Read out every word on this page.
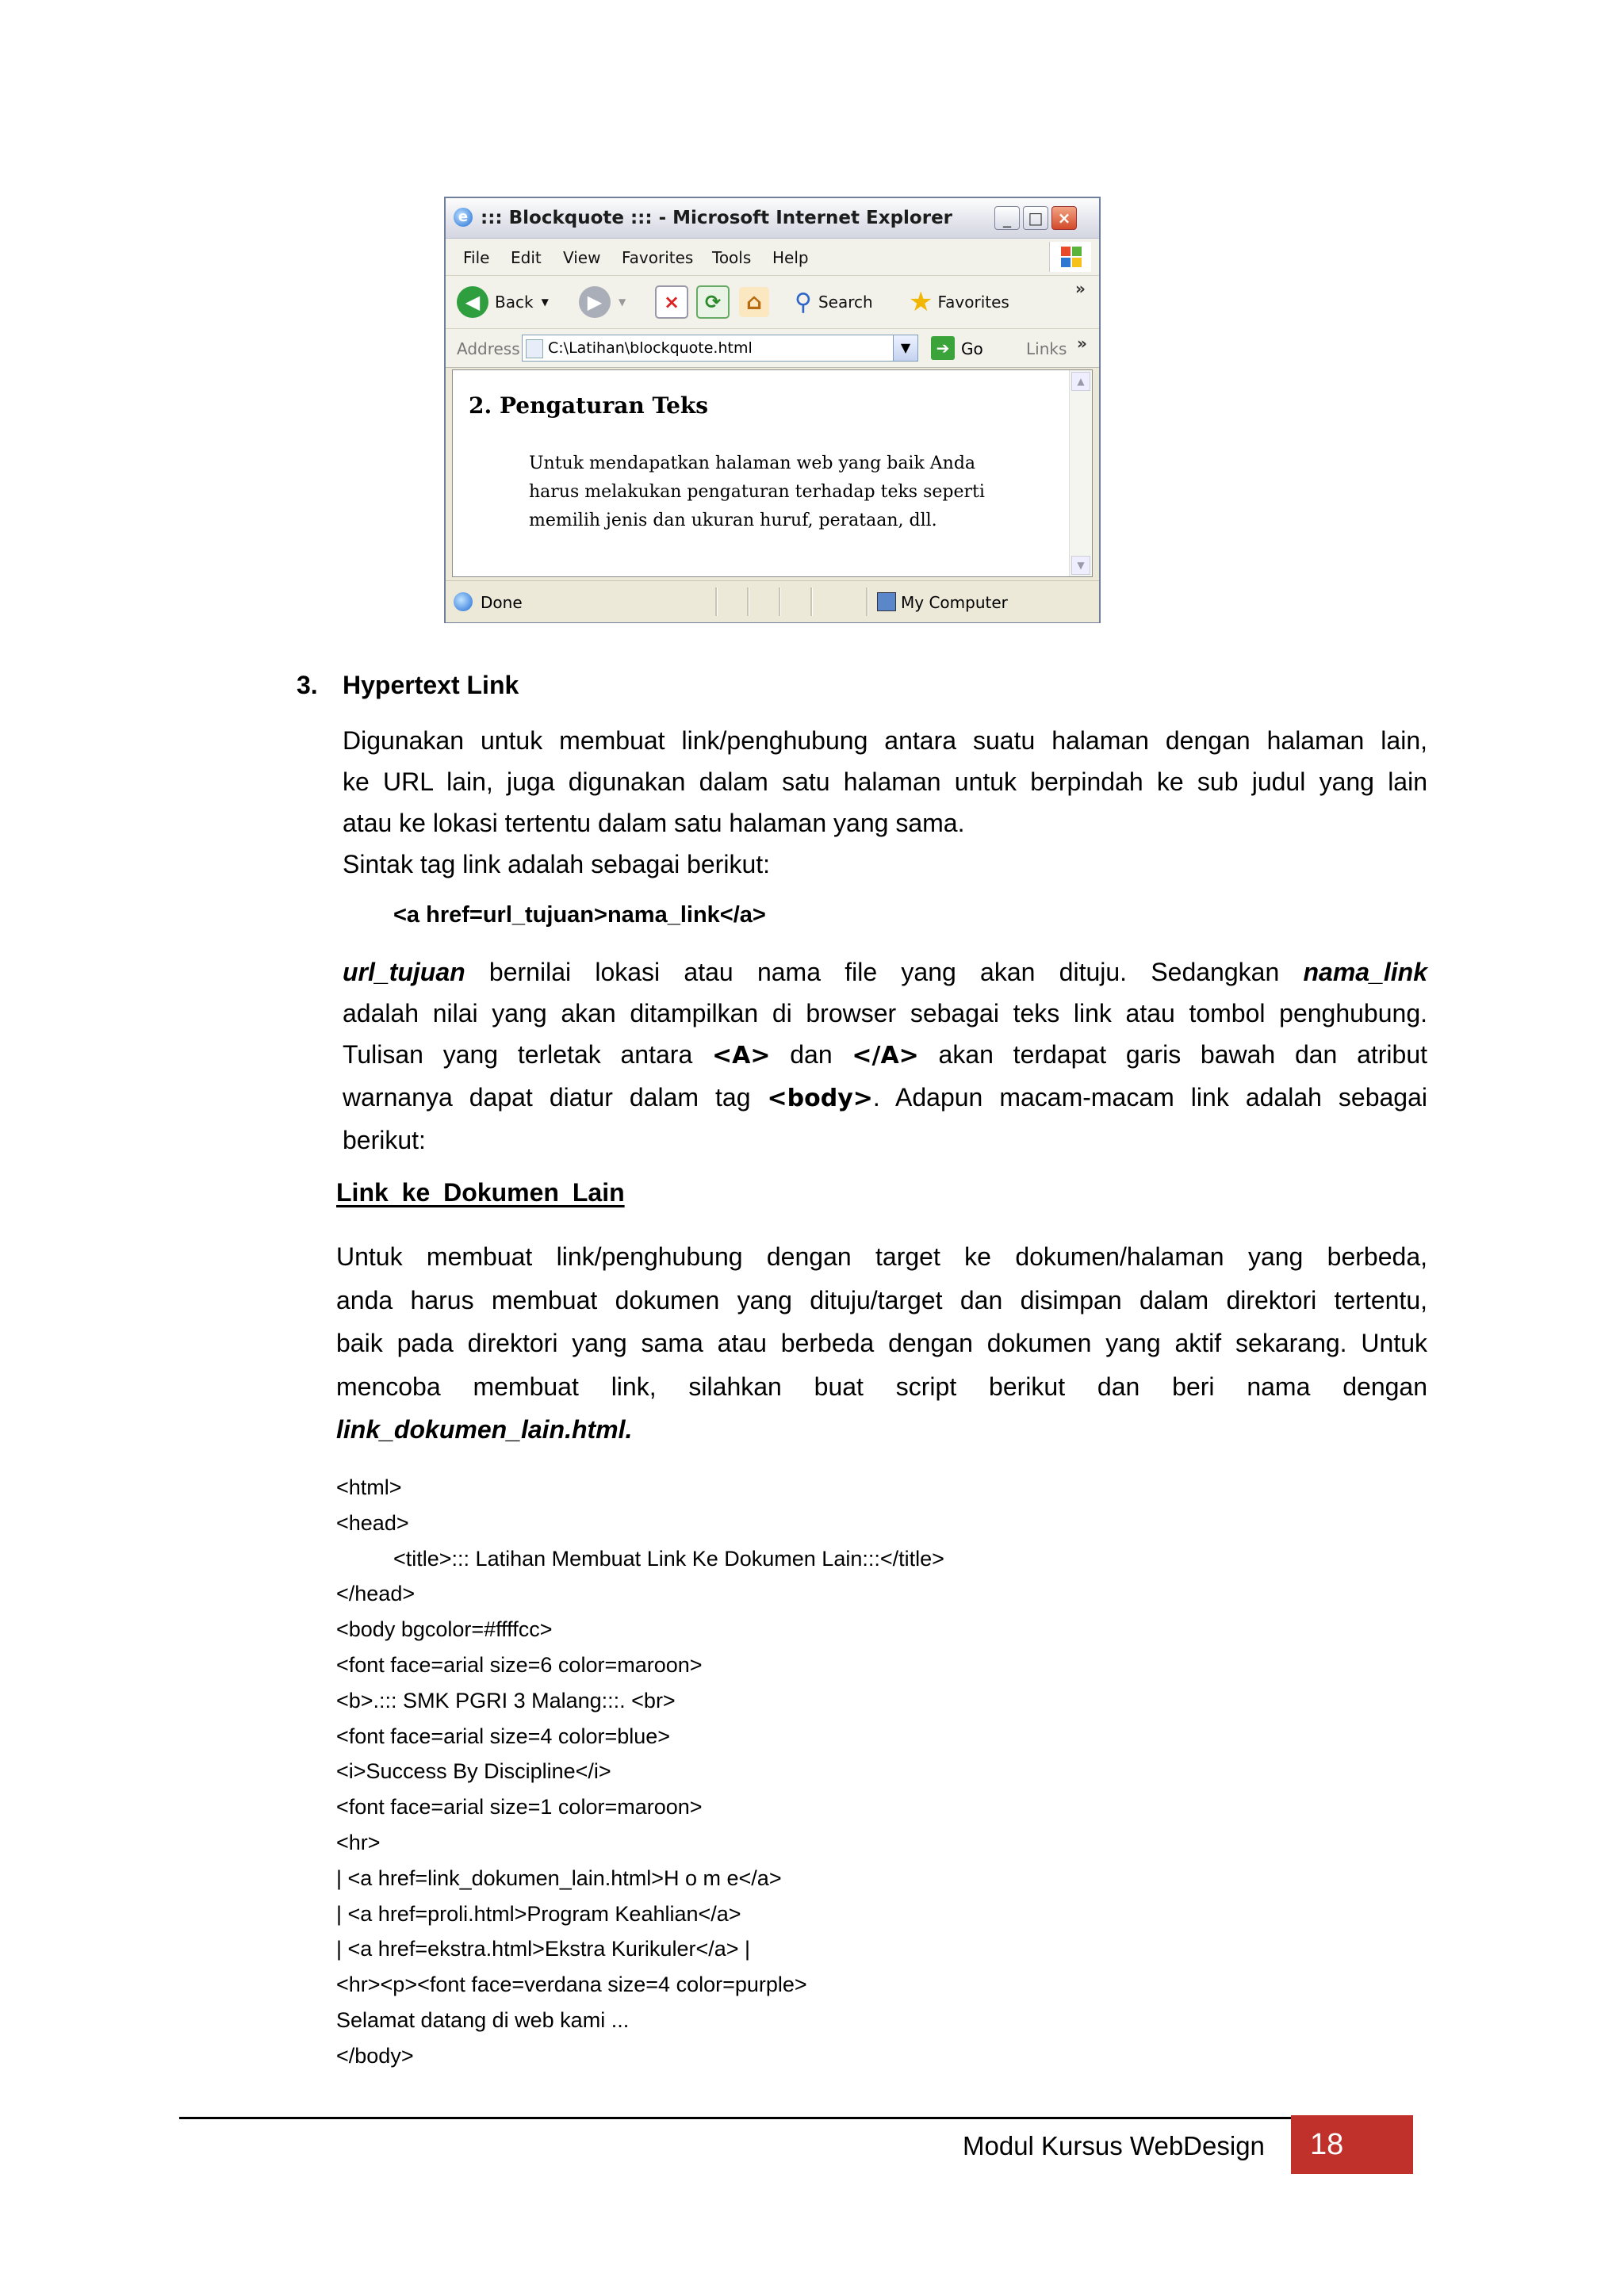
e ::: Blockquote ::: - Microsoft Internet Explorer	_	□ ×
File Edit View Favorites Tools Help
◀ Back ▼	▶	▼	×	⟳	⌂ ⚲ Search ★ Favorites
»
Address C:\Latihan\blockquote.html	▼	➔ Go	Links »
2. Pengaturan Teks
Untuk mendapatkan halaman web yang baik Anda harus melakukan pengaturan terhadap teks seperti memilih jenis dan ukuran huruf, perataan, dll.
▲
▼
Done	My Computer
3. Hypertext Link
Digunakan untuk membuat link/penghubung antara suatu halaman dengan halaman lain,
ke URL lain, juga digunakan dalam satu halaman untuk berpindah ke sub judul yang lain
atau ke lokasi tertentu dalam satu halaman yang sama.
Sintak tag link adalah sebagai berikut:
<a href=url_tujuan>nama_link</a>
url_tujuan bernilai lokasi atau nama file yang akan dituju. Sedangkan nama_link
adalah nilai yang akan ditampilkan di browser sebagai teks link atau tombol penghubung.
Tulisan yang terletak antara <A> dan </A> akan terdapat garis bawah dan atribut
warnanya dapat diatur dalam tag <body>. Adapun macam-macam link adalah sebagai
berikut:
Link ke Dokumen Lain
Untuk membuat link/penghubung dengan target ke dokumen/halaman yang berbeda,
anda harus membuat dokumen yang dituju/target dan disimpan dalam direktori tertentu,
baik pada direktori yang sama atau berbeda dengan dokumen yang aktif sekarang. Untuk
mencoba membuat link, silahkan buat script berikut dan beri nama dengan
link_dokumen_lain.html.
<html>
<head>
<title>::: Latihan Membuat Link Ke Dokumen Lain:::</title>
</head>
<body bgcolor=#ffffcc>
<font face=arial size=6 color=maroon>
<b>.::: SMK PGRI 3 Malang:::. <br>
<font face=arial size=4 color=blue>
<i>Success By Discipline</i>
<font face=arial size=1 color=maroon>
<hr>
| <a href=link_dokumen_lain.html>H o m e</a>
| <a href=proli.html>Program Keahlian</a>
| <a href=ekstra.html>Ekstra Kurikuler</a> |
<hr><p><font face=verdana size=4 color=purple>
Selamat datang di web kami ...
</body>
Modul Kursus WebDesign 18
